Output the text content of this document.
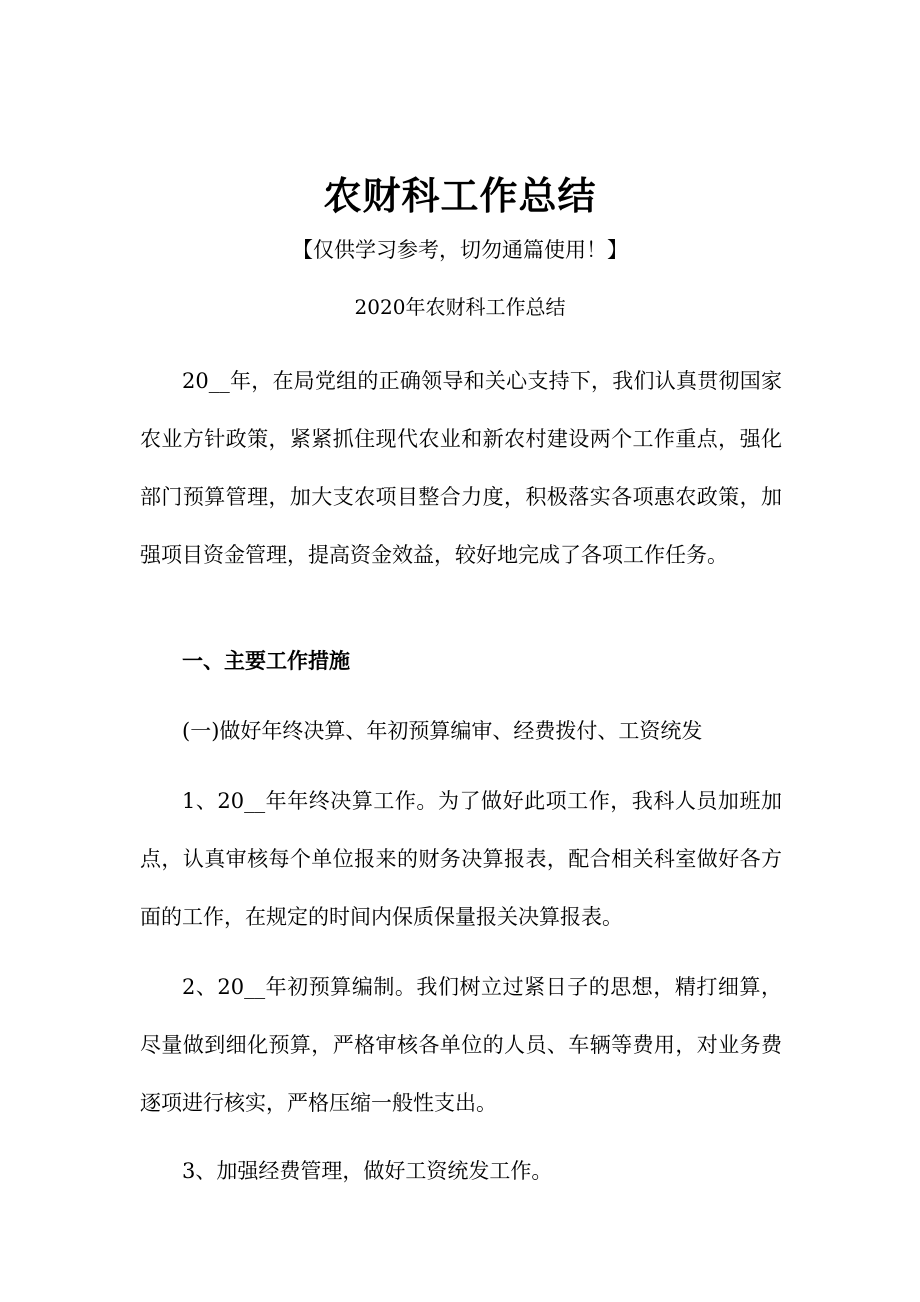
农财科工作总结
【仅供学习参考，切勿通篇使用！】
2020年农财科工作总结

20__年，在局党组的正确领导和关心支持下，我们认真贯彻国家农业方针政策，紧紧抓住现代农业和新农村建设两个工作重点，强化部门预算管理，加大支农项目整合力度，积极落实各项惠农政策，加强项目资金管理，提高资金效益，较好地完成了各项工作任务。

一、主要工作措施

(一)做好年终决算、年初预算编审、经费拨付、工资统发

1、20__年年终决算工作。为了做好此项工作，我科人员加班加点，认真审核每个单位报来的财务决算报表，配合相关科室做好各方面的工作，在规定的时间内保质保量报关决算报表。

2、20__年初预算编制。我们树立过紧日子的思想，精打细算，尽量做到细化预算，严格审核各单位的人员、车辆等费用，对业务费逐项进行核实，严格压缩一般性支出。

3、加强经费管理，做好工资统发工作。
